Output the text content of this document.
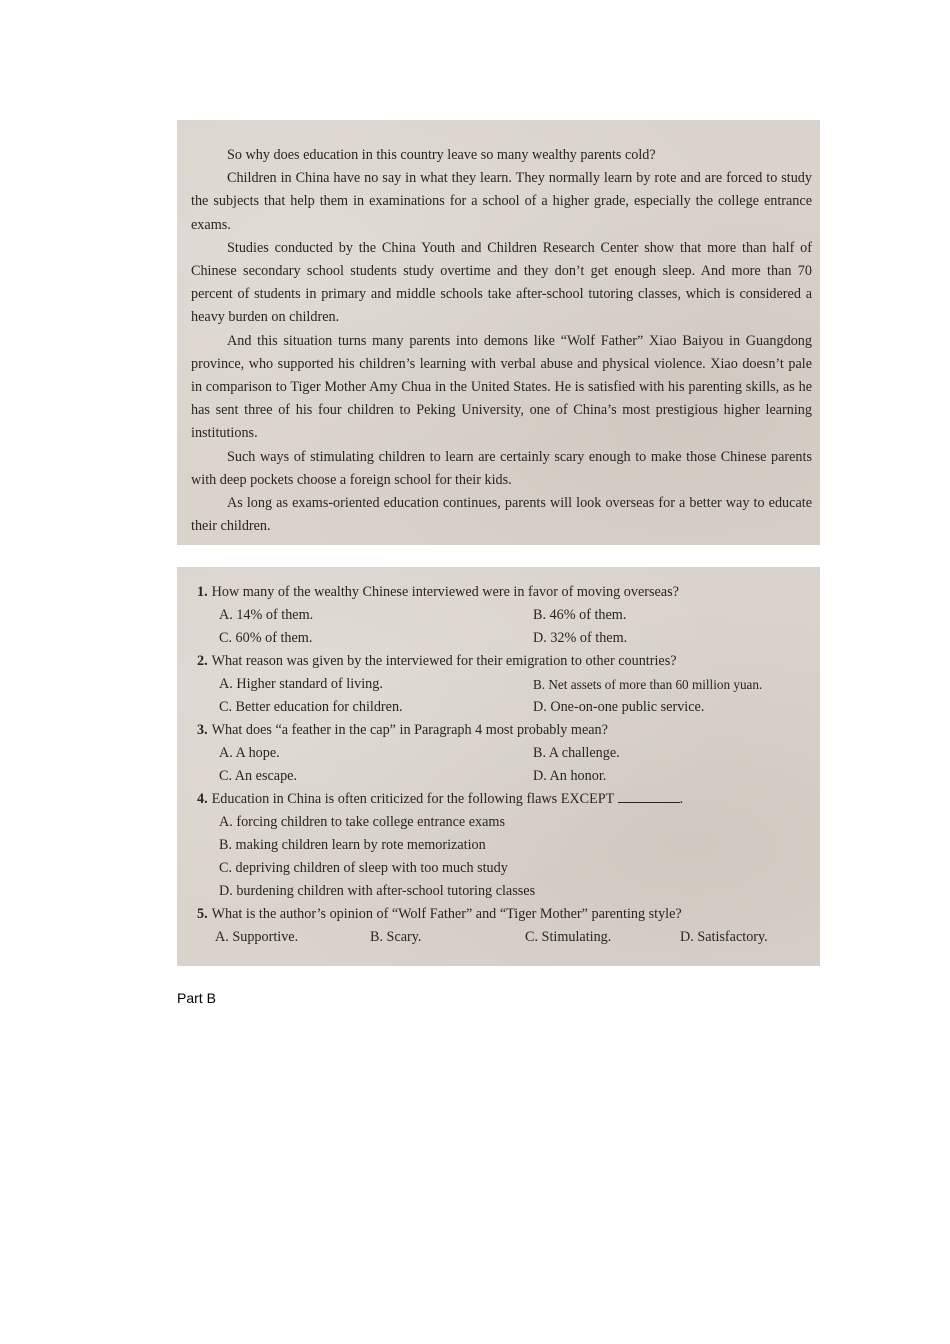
So why does education in this country leave so many wealthy parents cold?

Children in China have no say in what they learn. They normally learn by rote and are forced to study the subjects that help them in examinations for a school of a higher grade, especially the college entrance exams.

Studies conducted by the China Youth and Children Research Center show that more than half of Chinese secondary school students study overtime and they don’t get enough sleep. And more than 70 percent of students in primary and middle schools take after-school tutoring classes, which is considered a heavy burden on children.

And this situation turns many parents into demons like “Wolf Father” Xiao Baiyou in Guangdong province, who supported his children’s learning with verbal abuse and physical violence. Xiao doesn’t pale in comparison to Tiger Mother Amy Chua in the United States. He is satisfied with his parenting skills, as he has sent three of his four children to Peking University, one of China’s most prestigious higher learning institutions.

Such ways of stimulating children to learn are certainly scary enough to make those Chinese parents with deep pockets choose a foreign school for their kids.

As long as exams-oriented education continues, parents will look overseas for a better way to educate their children.

1. How many of the wealthy Chinese interviewed were in favor of moving overseas?
A. 14% of them.	B. 46% of them.
C. 60% of them.	D. 32% of them.
2. What reason was given by the interviewed for their emigration to other countries?
A. Higher standard of living.	B. Net assets of more than 60 million yuan.
C. Better education for children.	D. One-on-one public service.
3. What does “a feather in the cap” in Paragraph 4 most probably mean?
A. A hope.	B. A challenge.
C. An escape.	D. An honor.
4. Education in China is often criticized for the following flaws EXCEPT	.
A. forcing children to take college entrance exams
B. making children learn by rote memorization
C. depriving children of sleep with too much study
D. burdening children with after-school tutoring classes
5. What is the author’s opinion of “Wolf Father” and “Tiger Mother” parenting style?
A. Supportive.	B. Scary.	C. Stimulating.	D. Satisfactory.
Part B
